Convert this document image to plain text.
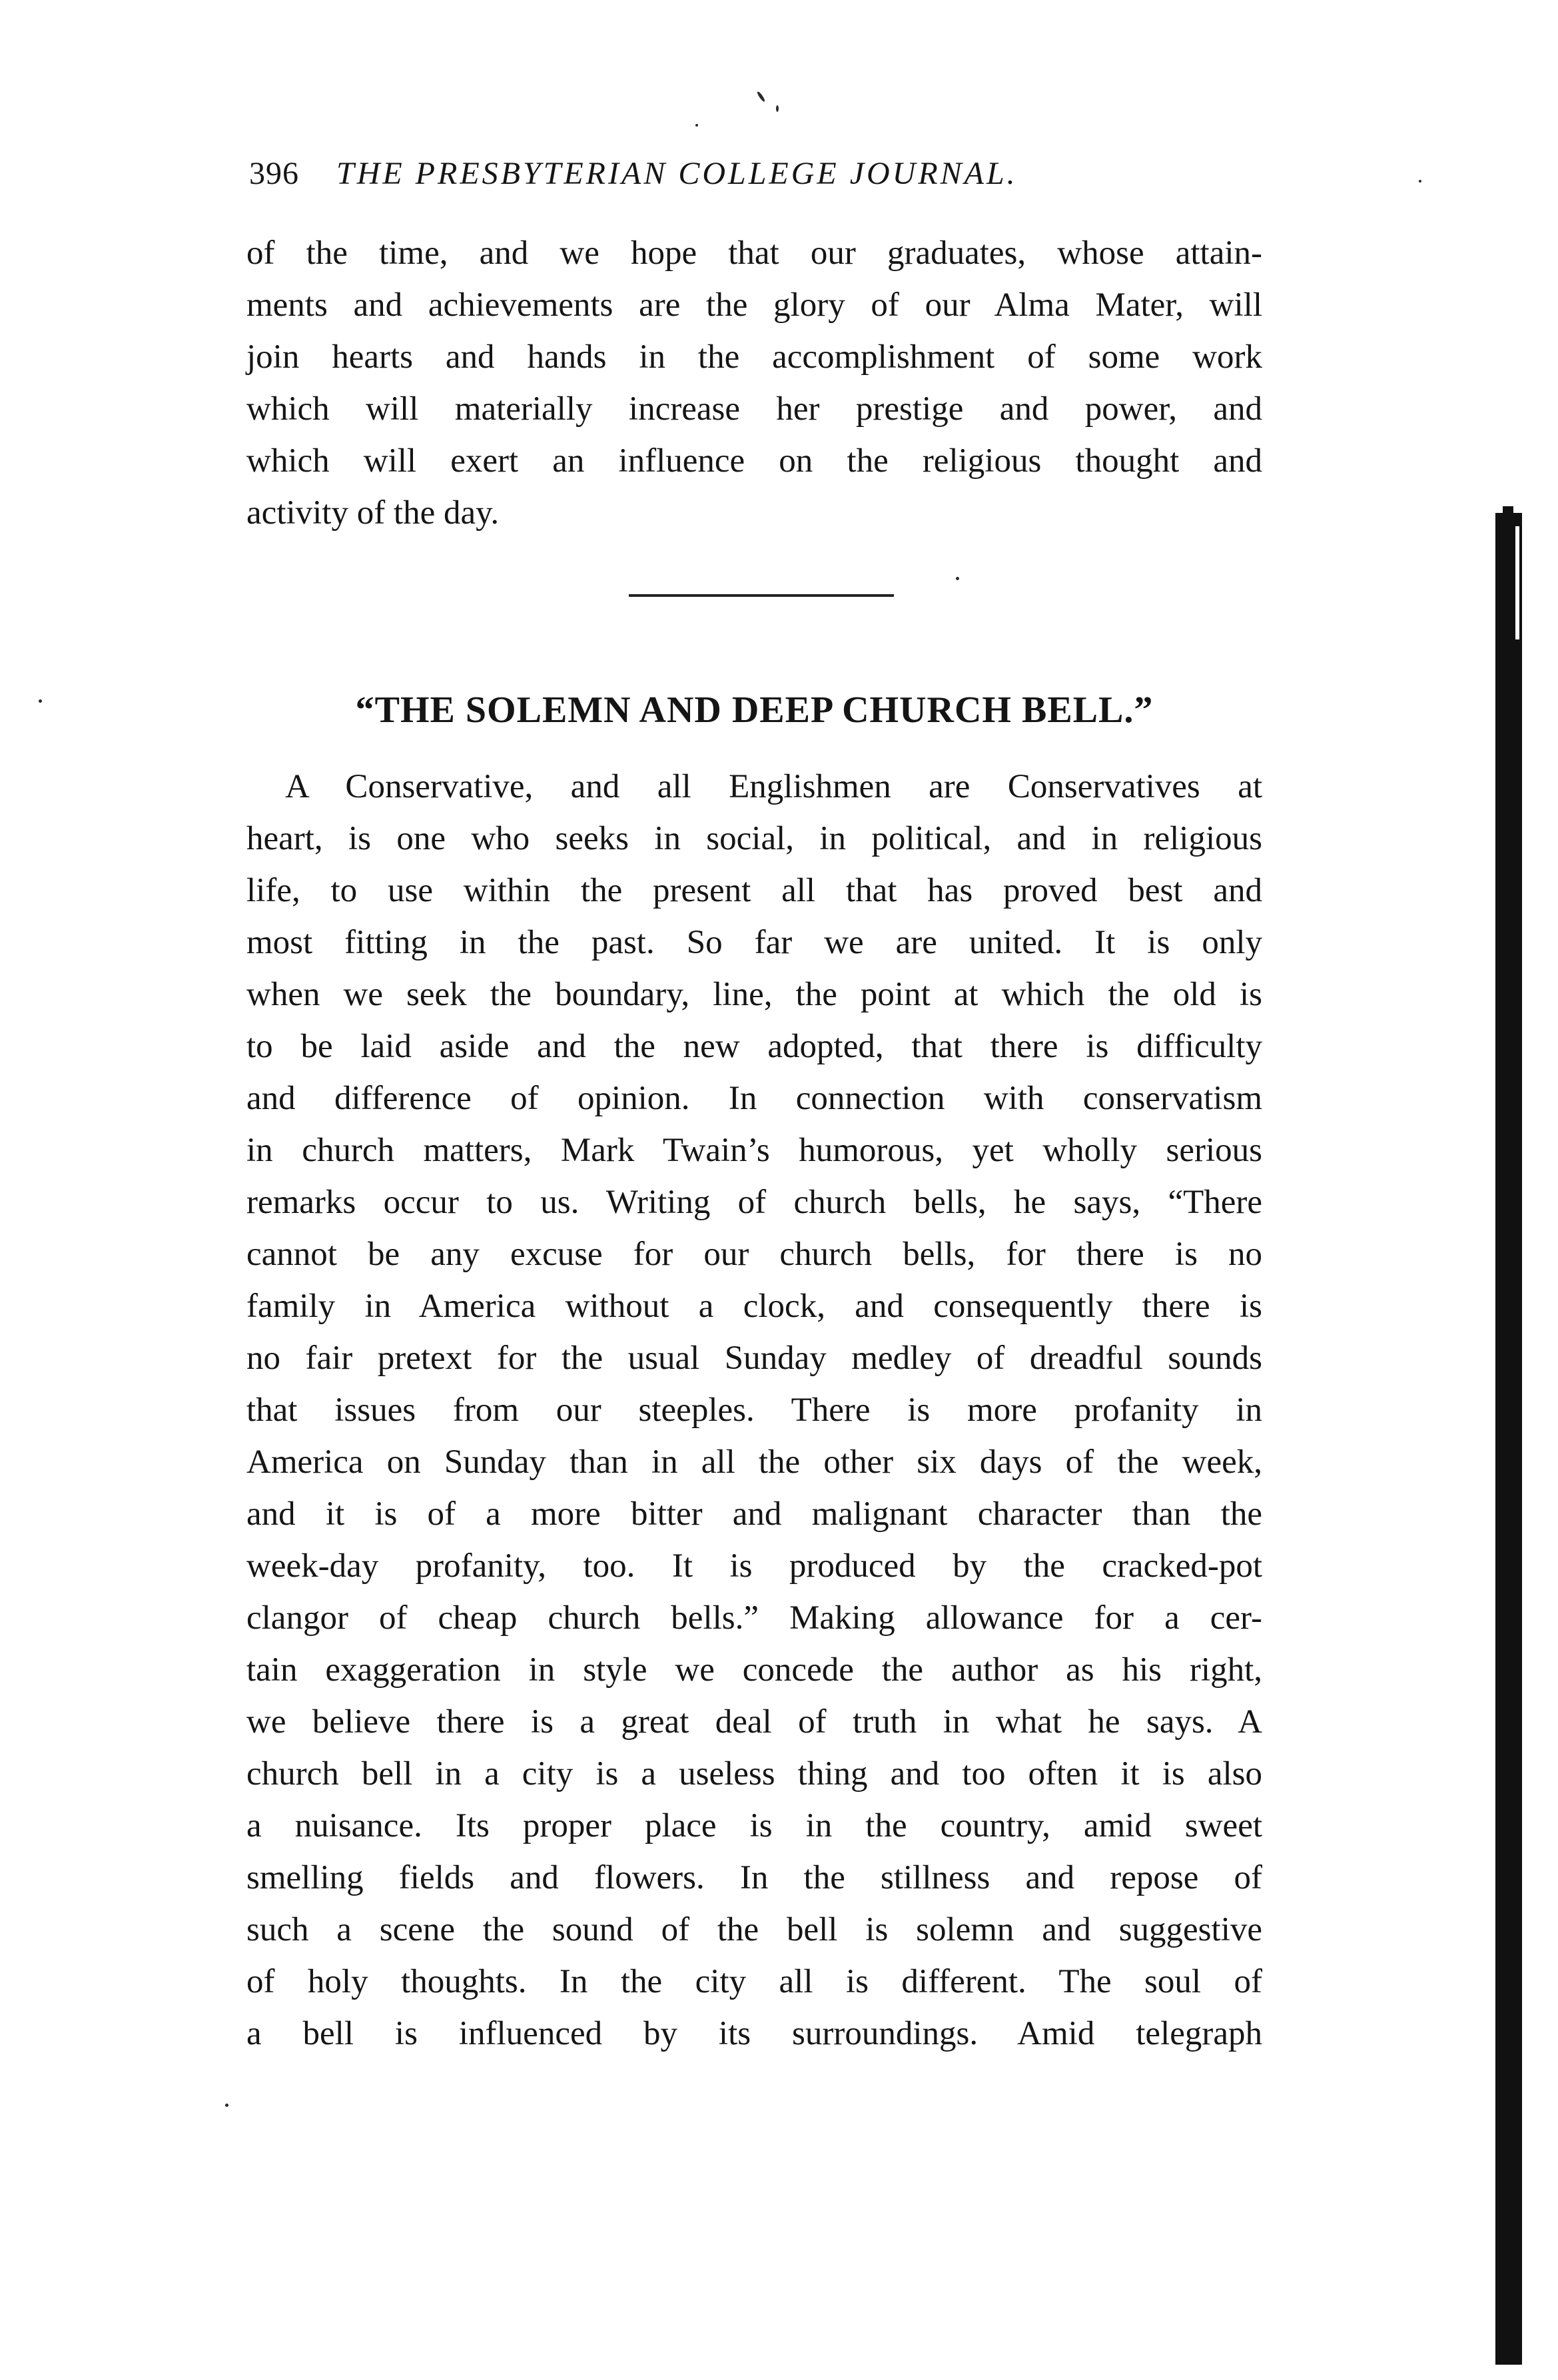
396 THE PRESBYTERIAN COLLEGE JOURNAL.
of the time, and we hope that our graduates, whose attain-
ments and achievements are the glory of our Alma Mater, will
join hearts and hands in the accomplishment of some work
which will materially increase her prestige and power, and
which will exert an influence on the religious thought and
activity of the day.
“THE SOLEMN AND DEEP CHURCH BELL.”
A Conservative, and all Englishmen are Conservatives at
heart, is one who seeks in social, in political, and in religious
life, to use within the present all that has proved best and
most fitting in the past. So far we are united. It is only
when we seek the boundary, line, the point at which the old is
to be laid aside and the new adopted, that there is difficulty
and difference of opinion. In connection with conservatism
in church matters, Mark Twain’s humorous, yet wholly serious
remarks occur to us. Writing of church bells, he says, “There
cannot be any excuse for our church bells, for there is no
family in America without a clock, and consequently there is
no fair pretext for the usual Sunday medley of dreadful sounds
that issues from our steeples. There is more profanity in
America on Sunday than in all the other six days of the week,
and it is of a more bitter and malignant character than the
week-day profanity, too. It is produced by the cracked-pot
clangor of cheap church bells.” Making allowance for a cer-
tain exaggeration in style we concede the author as his right,
we believe there is a great deal of truth in what he says. A
church bell in a city is a useless thing and too often it is also
a nuisance. Its proper place is in the country, amid sweet
smelling fields and flowers. In the stillness and repose of
such a scene the sound of the bell is solemn and suggestive
of holy thoughts. In the city all is different. The soul of
a bell is influenced by its surroundings. Amid telegraph
